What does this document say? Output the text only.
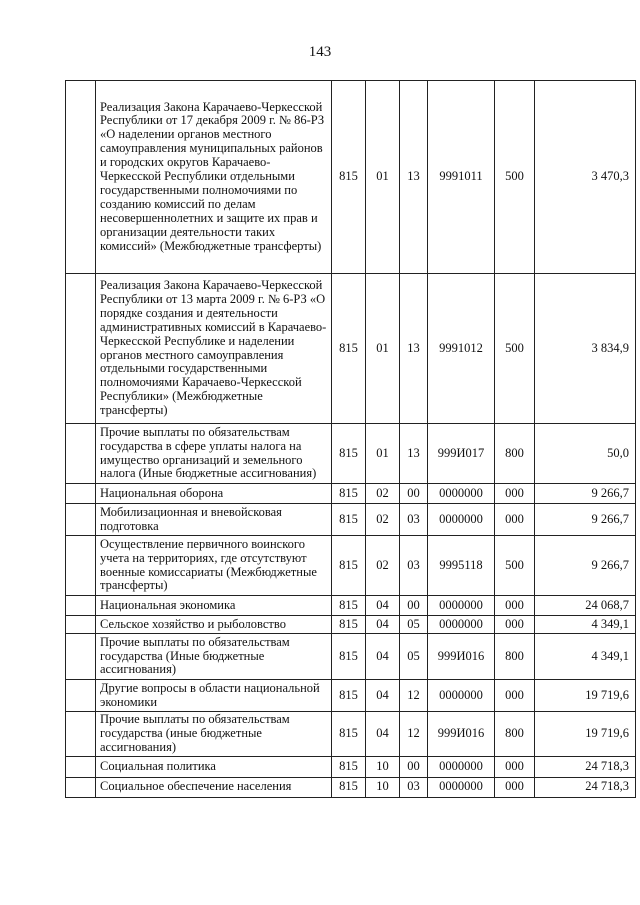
143
	Реализация Закона Карачаево-Черкесской Республики от 17 декабря 2009 г. № 86-РЗ «О наделении органов местного самоуправления муниципальных районов и городских округов Карачаево-Черкесской Республики отдельными государственными полномочиями по созданию комиссий по делам несовершеннолетних и защите их прав и организации деятельности таких комиссий» (Межбюджетные трансферты)	815	01	13	9991011	500	3 470,3
	Реализация Закона Карачаево-Черкесской Республики от 13 марта 2009 г. № 6-РЗ «О порядке создания и деятельности административных комиссий в Карачаево-Черкесской Республике и наделении органов местного самоуправления отдельными государственными полномочиями Карачаево-Черкесской Республики» (Межбюджетные трансферты)	815	01	13	9991012	500	3 834,9
	Прочие выплаты по обязательствам государства в сфере уплаты налога на имущество организаций и земельного налога (Иные бюджетные ассигнования)	815	01	13	999И017	800	50,0
	Национальная оборона	815	02	00	0000000	000	9 266,7
	Мобилизационная и вневойсковая подготовка	815	02	03	0000000	000	9 266,7
	Осуществление первичного воинского учета на территориях, где отсутствуют военные комиссариаты (Межбюджетные трансферты)	815	02	03	9995118	500	9 266,7
	Национальная экономика	815	04	00	0000000	000	24 068,7
	Сельское хозяйство и рыболовство	815	04	05	0000000	000	4 349,1
	Прочие выплаты по обязательствам государства (Иные бюджетные ассигнования)	815	04	05	999И016	800	4 349,1
	Другие вопросы в области национальной экономики	815	04	12	0000000	000	19 719,6
	Прочие выплаты по обязательствам государства (иные бюджетные ассигнования)	815	04	12	999И016	800	19 719,6
	Социальная политика	815	10	00	0000000	000	24 718,3
	Социальное обеспечение населения	815	10	03	0000000	000	24 718,3
